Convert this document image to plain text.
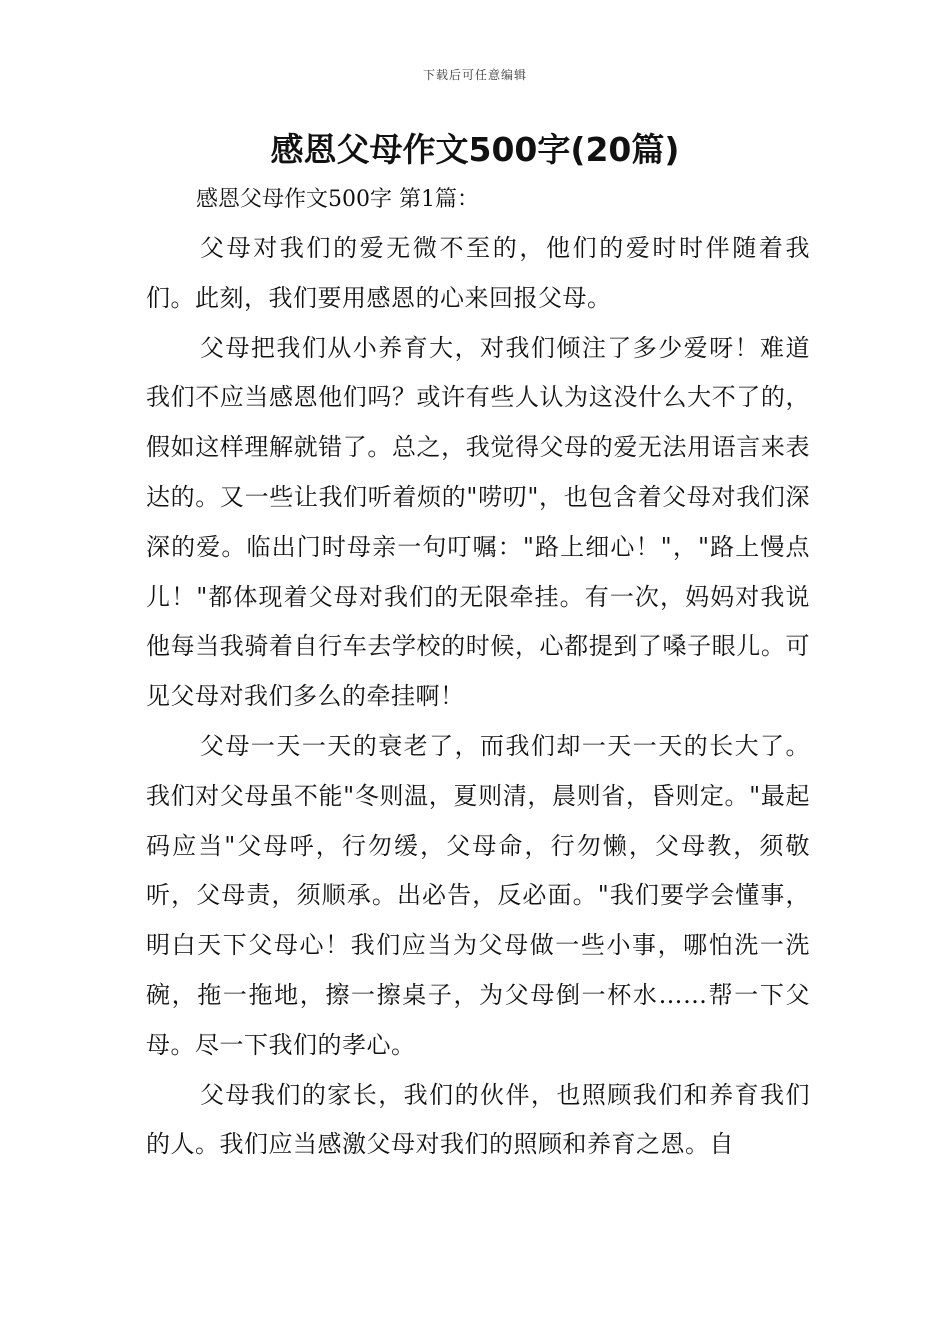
下载后可任意编辑
感恩父母作文500字(20篇)
感恩父母作文500字 第1篇：

父母对我们的爱无微不至的，他们的爱时时伴随着我们。此刻，我们要用感恩的心来回报父母。

父母把我们从小养育大，对我们倾注了多少爱呀！难道我们不应当感恩他们吗？或许有些人认为这没什么大不了的，假如这样理解就错了。总之，我觉得父母的爱无法用语言来表达的。又一些让我们听着烦的"唠叨"，也包含着父母对我们深深的爱。临出门时母亲一句叮嘱："路上细心！"，"路上慢点儿！"都体现着父母对我们的无限牵挂。有一次，妈妈对我说他每当我骑着自行车去学校的时候，心都提到了嗓子眼儿。可见父母对我们多么的牵挂啊！

父母一天一天的衰老了，而我们却一天一天的长大了。我们对父母虽不能"冬则温，夏则清，晨则省，昏则定。"最起码应当"父母呼，行勿缓，父母命，行勿懒，父母教，须敬听，父母责，须顺承。出必告，反必面。"我们要学会懂事，明白天下父母心！我们应当为父母做一些小事，哪怕洗一洗碗，拖一拖地，擦一擦桌子，为父母倒一杯水……帮一下父母。尽一下我们的孝心。

父母我们的家长，我们的伙伴，也照顾我们和养育我们的人。我们应当感激父母对我们的照顾和养育之恩。自
